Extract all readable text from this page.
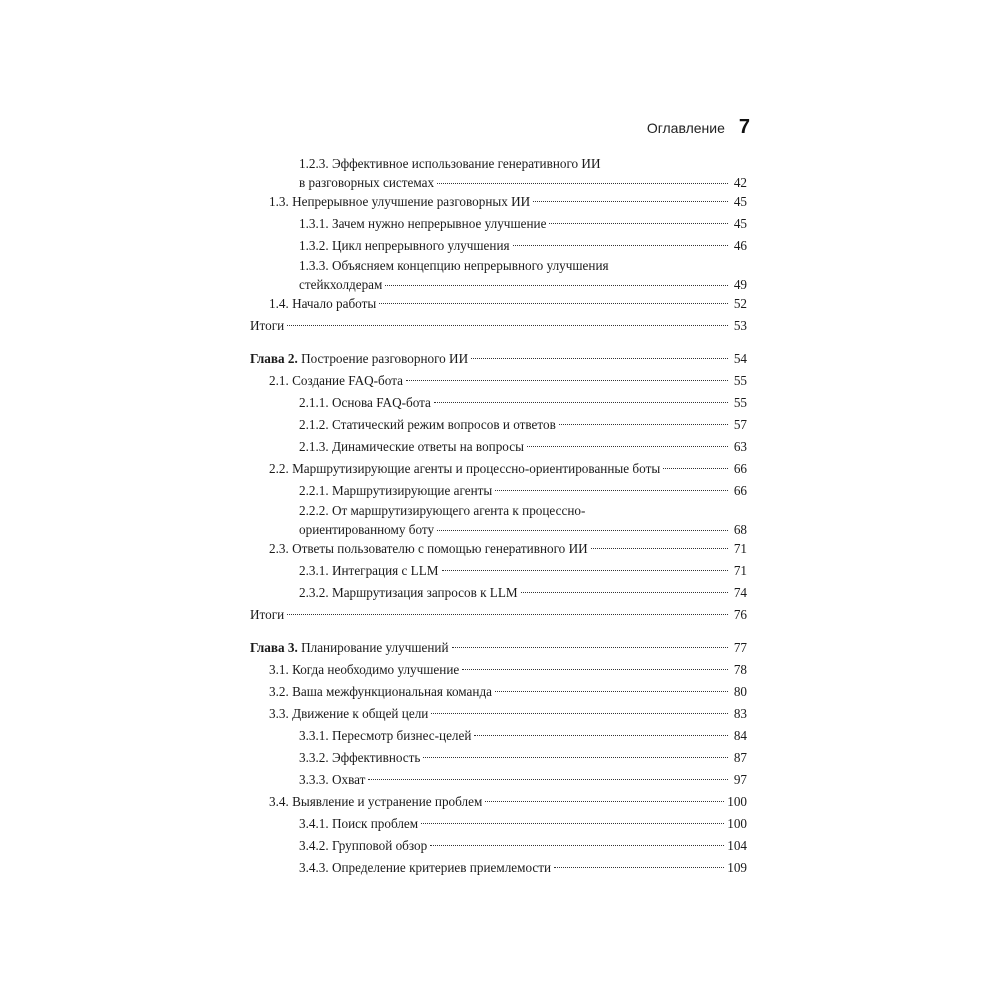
Оглавление 7
1.2.3. Эффективное использование генеративного ИИ
в разговорных системах	42
1.3. Непрерывное улучшение разговорных ИИ	45
1.3.1. Зачем нужно непрерывное улучшение	45
1.3.2. Цикл непрерывного улучшения	46
1.3.3. Объясняем концепцию непрерывного улучшения
стейкхолдерам	49
1.4. Начало работы	52
Итоги	53
Глава 2. Построение разговорного ИИ	54
2.1. Создание FAQ-бота	55
2.1.1. Основа FAQ-бота	55
2.1.2. Статический режим вопросов и ответов	57
2.1.3. Динамические ответы на вопросы	63
2.2. Маршрутизирующие агенты и процессно-ориентированные боты	66
2.2.1. Маршрутизирующие агенты	66
2.2.2. От маршрутизирующего агента к процессно-
ориентированному боту	68
2.3. Ответы пользователю с помощью генеративного ИИ	71
2.3.1. Интеграция с LLM	71
2.3.2. Маршрутизация запросов к LLM	74
Итоги	76
Глава 3. Планирование улучшений	77
3.1. Когда необходимо улучшение	78
3.2. Ваша межфункциональная команда	80
3.3. Движение к общей цели	83
3.3.1. Пересмотр бизнес-целей	84
3.3.2. Эффективность	87
3.3.3. Охват	97
3.4. Выявление и устранение проблем	100
3.4.1. Поиск проблем	100
3.4.2. Групповой обзор	104
3.4.3. Определение критериев приемлемости	109
